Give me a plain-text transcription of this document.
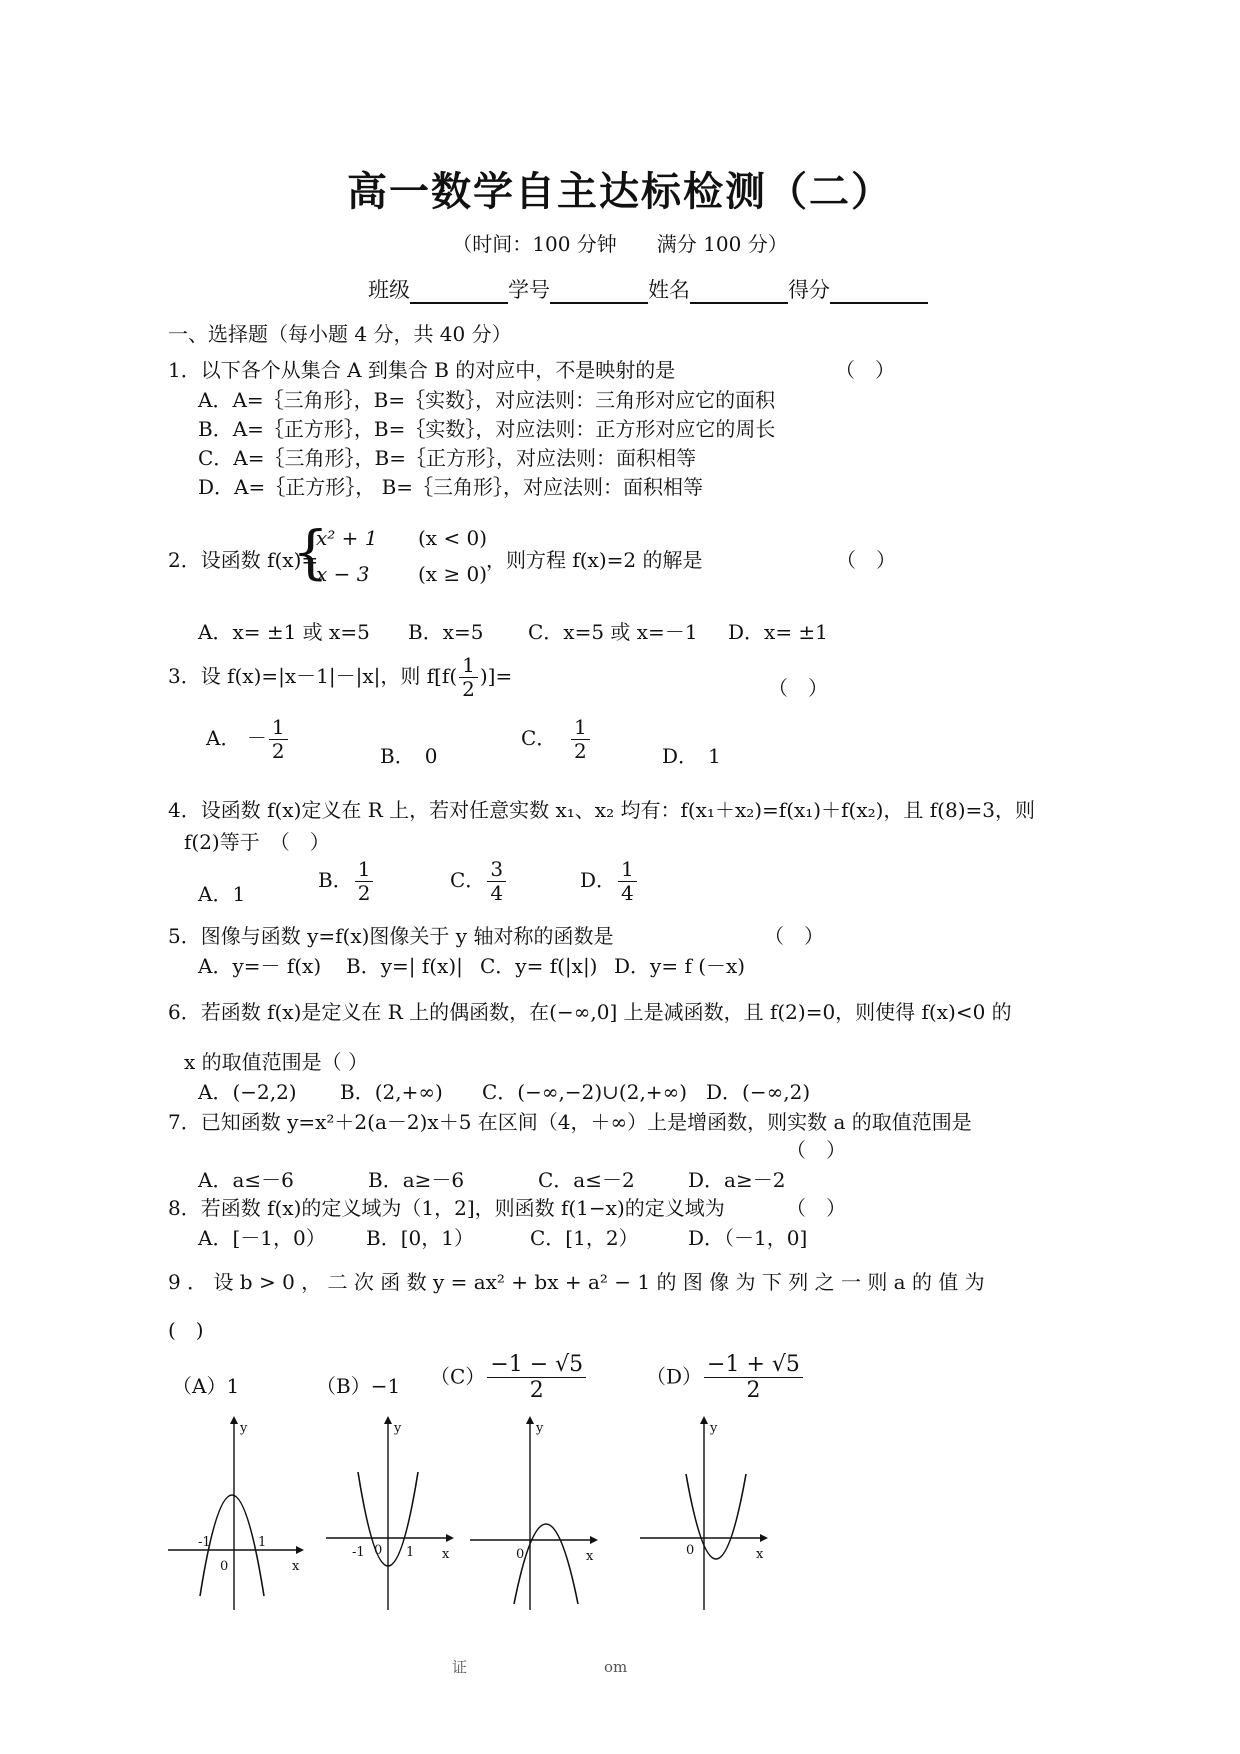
高一数学自主达标检测（二）
（时间：100 分钟　　满分 100 分）
班级	学号	姓名	得分
一、选择题（每小题 4 分，共 40 分）
1．以下各个从集合 A 到集合 B 的对应中，不是映射的是	（　）
A．A=｛三角形｝，B=｛实数｝，对应法则：三角形对应它的面积
B．A=｛正方形｝，B=｛实数｝，对应法则：正方形对应它的周长
C．A=｛三角形｝，B=｛正方形｝，对应法则：面积相等
D．A=｛正方形｝， B=｛三角形｝，对应法则：面积相等
2．设函数 f(x)=
{
x² + 1 (x < 0)
x − 3 (x ≥ 0)
，则方程 f(x)=2 的解是	（　）
A．x= ±1 或 x=5 B．x=5 C．x=5 或 x=－1 D．x= ±1
3．设 f(x)=|x－1|－|x|，则 $f[f( \frac{1}{2}$ )]=	（　）
A． － $\frac{1}{2}$	B．　0
C． $\frac{1}{2}$	D．　1
4．设函数 f(x)定义在 R 上，若对任意实数 x₁、x₂ 均有：f(x₁＋x₂)=f(x₁)＋f(x₂)，且 f(8)=3，则
f(2)等于　（　）
A．1
B． $\frac{1}{2}$	C． $\frac{3}{4}$	D． $\frac{1}{4}$
5．图像与函数 y=f(x)图像关于 y 轴对称的函数是	（　）
A．y=－ f(x) B．y=| f(x)| C．y= f(|x|) D．y= f (－x)
6．若函数 f(x)是定义在 R 上的偶函数，在(−∞,0] 上是减函数，且 f(2)=0，则使得 f(x)<0 的
x 的取值范围是（ ）
A．(−2,2) B．(2,+∞) C．(−∞,−2)∪(2,+∞) D．(−∞,2)
7．已知函数 y=x²＋2(a－2)x＋5 在区间（4，＋∞）上是增函数，则实数 a 的取值范围是
（　）
A．a≤－6	B．a≥－6	C．a≤－2	D．a≥－2
8．若函数 f(x)的定义域为（1，2]，则函数 f(1−x)的定义域为	（　）
A．[－1，0） B．[0，1）	C．[1，2） D．（－1，0]
9 ． 设 b > 0 ， 二 次 函 数 y = ax² + bx + a² − 1 的 图 像 为 下 列 之 一 则 a 的 值 为
(　)
（A）1	（B）−1 $(C) \frac{-1 - √5}{2}$	$(D) \frac{-1 + √5}{2}$
y
x
0
-1	1
y
x
-1 0 1
y
x
0
y
x
0
证	om
